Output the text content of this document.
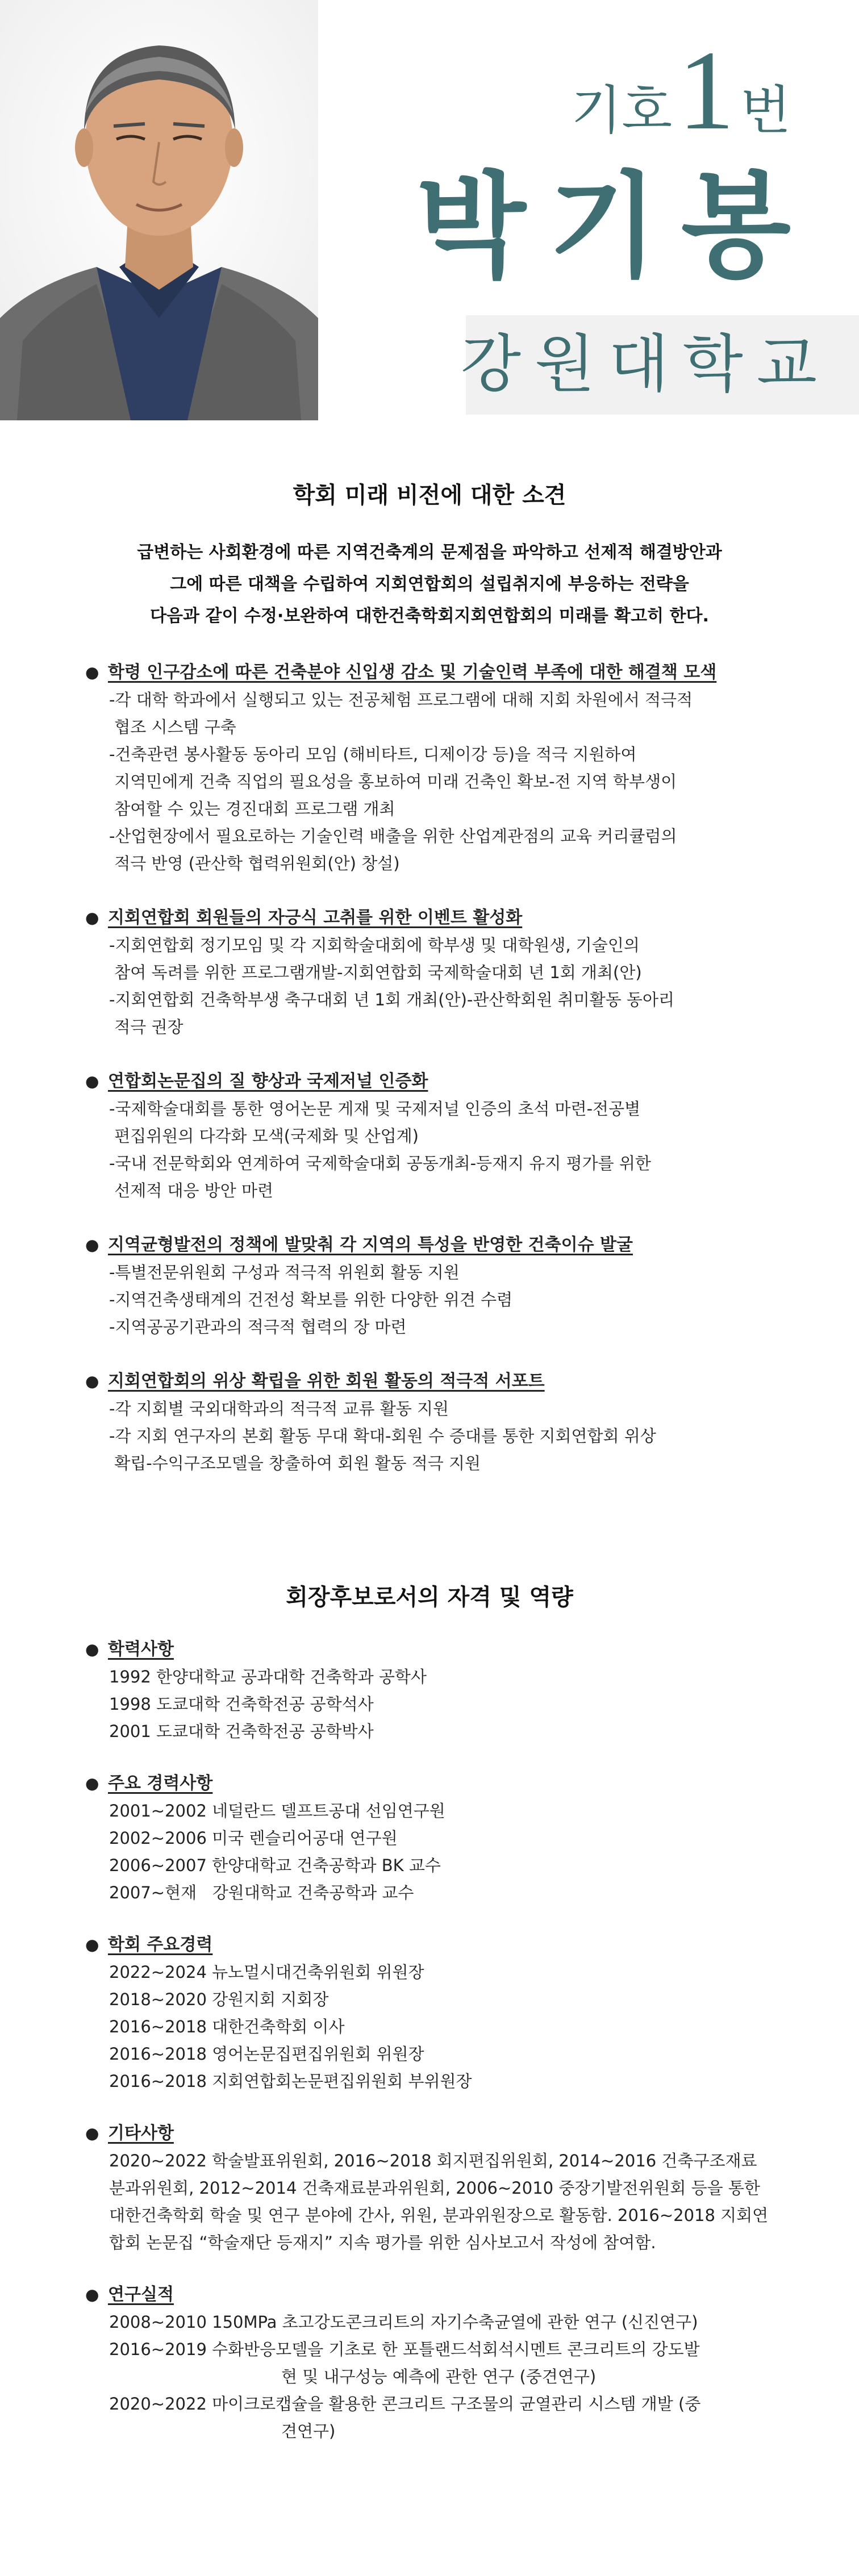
기호 1 번
박기봉
강원대학교
학회 미래 비전에 대한 소견
급변하는 사회환경에 따른 지역건축계의 문제점을 파악하고 선제적 해결방안과
그에 따른 대책을 수립하여 지회연합회의 설립취지에 부응하는 전략을
다음과 같이 수정·보완하여 대한건축학회지회연합회의 미래를 확고히 한다.
● 학령 인구감소에 따른 건축분야 신입생 감소 및 기술인력 부족에 대한 해결책 모색
-각 대학 학과에서 실행되고 있는 전공체험 프로그램에 대해 지회 차원에서 적극적
협조 시스템 구축
-건축관련 봉사활동 동아리 모임 (해비타트, 디제이강 등)을 적극 지원하여
지역민에게 건축 직업의 필요성을 홍보하여 미래 건축인 확보-전 지역 학부생이
참여할 수 있는 경진대회 프로그램 개최
-산업현장에서 필요로하는 기술인력 배출을 위한 산업계관점의 교육 커리큘럼의
적극 반영 (관산학 협력위원회(안) 창설)
● 지회연합회 회원들의 자긍식 고취를 위한 이벤트 활성화
-지회연합회 정기모임 및 각 지회학술대회에 학부생 및 대학원생, 기술인의
참여 독려를 위한 프로그램개발-지회연합회 국제학술대회 년 1회 개최(안)
-지회연합회 건축학부생 축구대회 년 1회 개최(안)-관산학회원 취미활동 동아리
적극 권장
● 연합회논문집의 질 향상과 국제저널 인증화
-국제학술대회를 통한 영어논문 게재 및 국제저널 인증의 초석 마련-전공별
편집위원의 다각화 모색(국제화 및 산업계)
-국내 전문학회와 연계하여 국제학술대회 공동개최-등재지 유지 평가를 위한
선제적 대응 방안 마련
● 지역균형발전의 정책에 발맞춰 각 지역의 특성을 반영한 건축이슈 발굴
-특별전문위원회 구성과 적극적 위원회 활동 지원
-지역건축생태계의 건전성 확보를 위한 다양한 위견 수렴
-지역공공기관과의 적극적 협력의 장 마련
● 지회연합회의 위상 확립을 위한 회원 활동의 적극적 서포트
-각 지회별 국외대학과의 적극적 교류 활동 지원
-각 지회 연구자의 본회 활동 무대 확대-회원 수 증대를 통한 지회연합회 위상
확립-수익구조모델을 창출하여 회원 활동 적극 지원
회장후보로서의 자격 및 역량
● 학력사항
1992 한양대학교 공과대학 건축학과 공학사
1998 도쿄대학 건축학전공 공학석사
2001 도쿄대학 건축학전공 공학박사
● 주요 경력사항
2001~2002 네덜란드 델프트공대 선임연구원
2002~2006 미국 렌슬리어공대 연구원
2006~2007 한양대학교 건축공학과 BK 교수
2007~현재   강원대학교 건축공학과 교수
● 학회 주요경력
2022~2024 뉴노멀시대건축위원회 위원장
2018~2020 강원지회 지회장
2016~2018 대한건축학회 이사
2016~2018 영어논문집편집위원회 위원장
2016~2018 지회연합회논문편집위원회 부위원장
● 기타사항
2020~2022 학술발표위원회, 2016~2018 회지편집위원회, 2014~2016 건축구조재료분과위원회, 2012~2014 건축재료분과위원회, 2006~2010 중장기발전위원회 등을 통한 대한건축학회 학술 및 연구 분야에 간사, 위원, 분과위원장으로 활동함. 2016~2018 지회연합회 논문집 “학술재단 등재지” 지속 평가를 위한 심사보고서 작성에 참여함.
● 연구실적
2008~2010 150MPa 초고강도콘크리트의 자기수축균열에 관한 연구 (신진연구)
2016~2019 수화반응모델을 기초로 한 포틀랜드석회석시멘트 콘크리트의 강도발
현 및 내구성능 예측에 관한 연구 (중견연구)
2020~2022 마이크로캡슐을 활용한 콘크리트 구조물의 균열관리 시스템 개발 (중
견연구)
